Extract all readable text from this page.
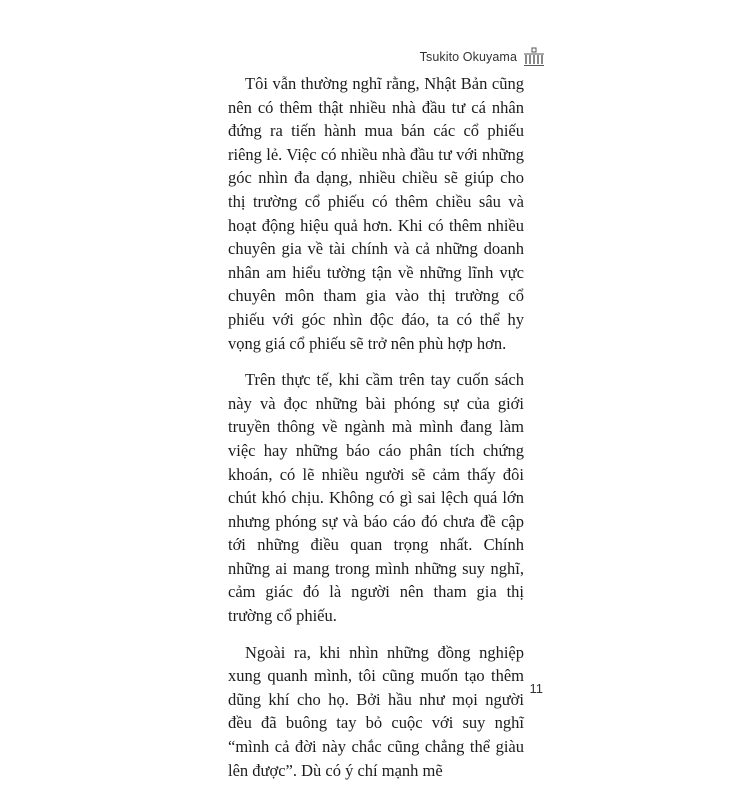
Tsukito Okuyama

Tôi vẫn thường nghĩ rằng, Nhật Bản cũng nên có thêm thật nhiều nhà đầu tư cá nhân đứng ra tiến hành mua bán các cổ phiếu riêng lẻ. Việc có nhiều nhà đầu tư với những góc nhìn đa dạng, nhiều chiều sẽ giúp cho thị trường cổ phiếu có thêm chiều sâu và hoạt động hiệu quả hơn. Khi có thêm nhiều chuyên gia về tài chính và cả những doanh nhân am hiểu tường tận về những lĩnh vực chuyên môn tham gia vào thị trường cổ phiếu với góc nhìn độc đáo, ta có thể hy vọng giá cổ phiếu sẽ trở nên phù hợp hơn.

Trên thực tế, khi cầm trên tay cuốn sách này và đọc những bài phóng sự của giới truyền thông về ngành mà mình đang làm việc hay những báo cáo phân tích chứng khoán, có lẽ nhiều người sẽ cảm thấy đôi chút khó chịu. Không có gì sai lệch quá lớn nhưng phóng sự và báo cáo đó chưa đề cập tới những điều quan trọng nhất. Chính những ai mang trong mình những suy nghĩ, cảm giác đó là người nên tham gia thị trường cổ phiếu.

Ngoài ra, khi nhìn những đồng nghiệp xung quanh mình, tôi cũng muốn tạo thêm dũng khí cho họ. Bởi hầu như mọi người đều đã buông tay bỏ cuộc với suy nghĩ “mình cả đời này chắc cũng chẳng thể giàu lên được”. Dù có ý chí mạnh mẽ

11
